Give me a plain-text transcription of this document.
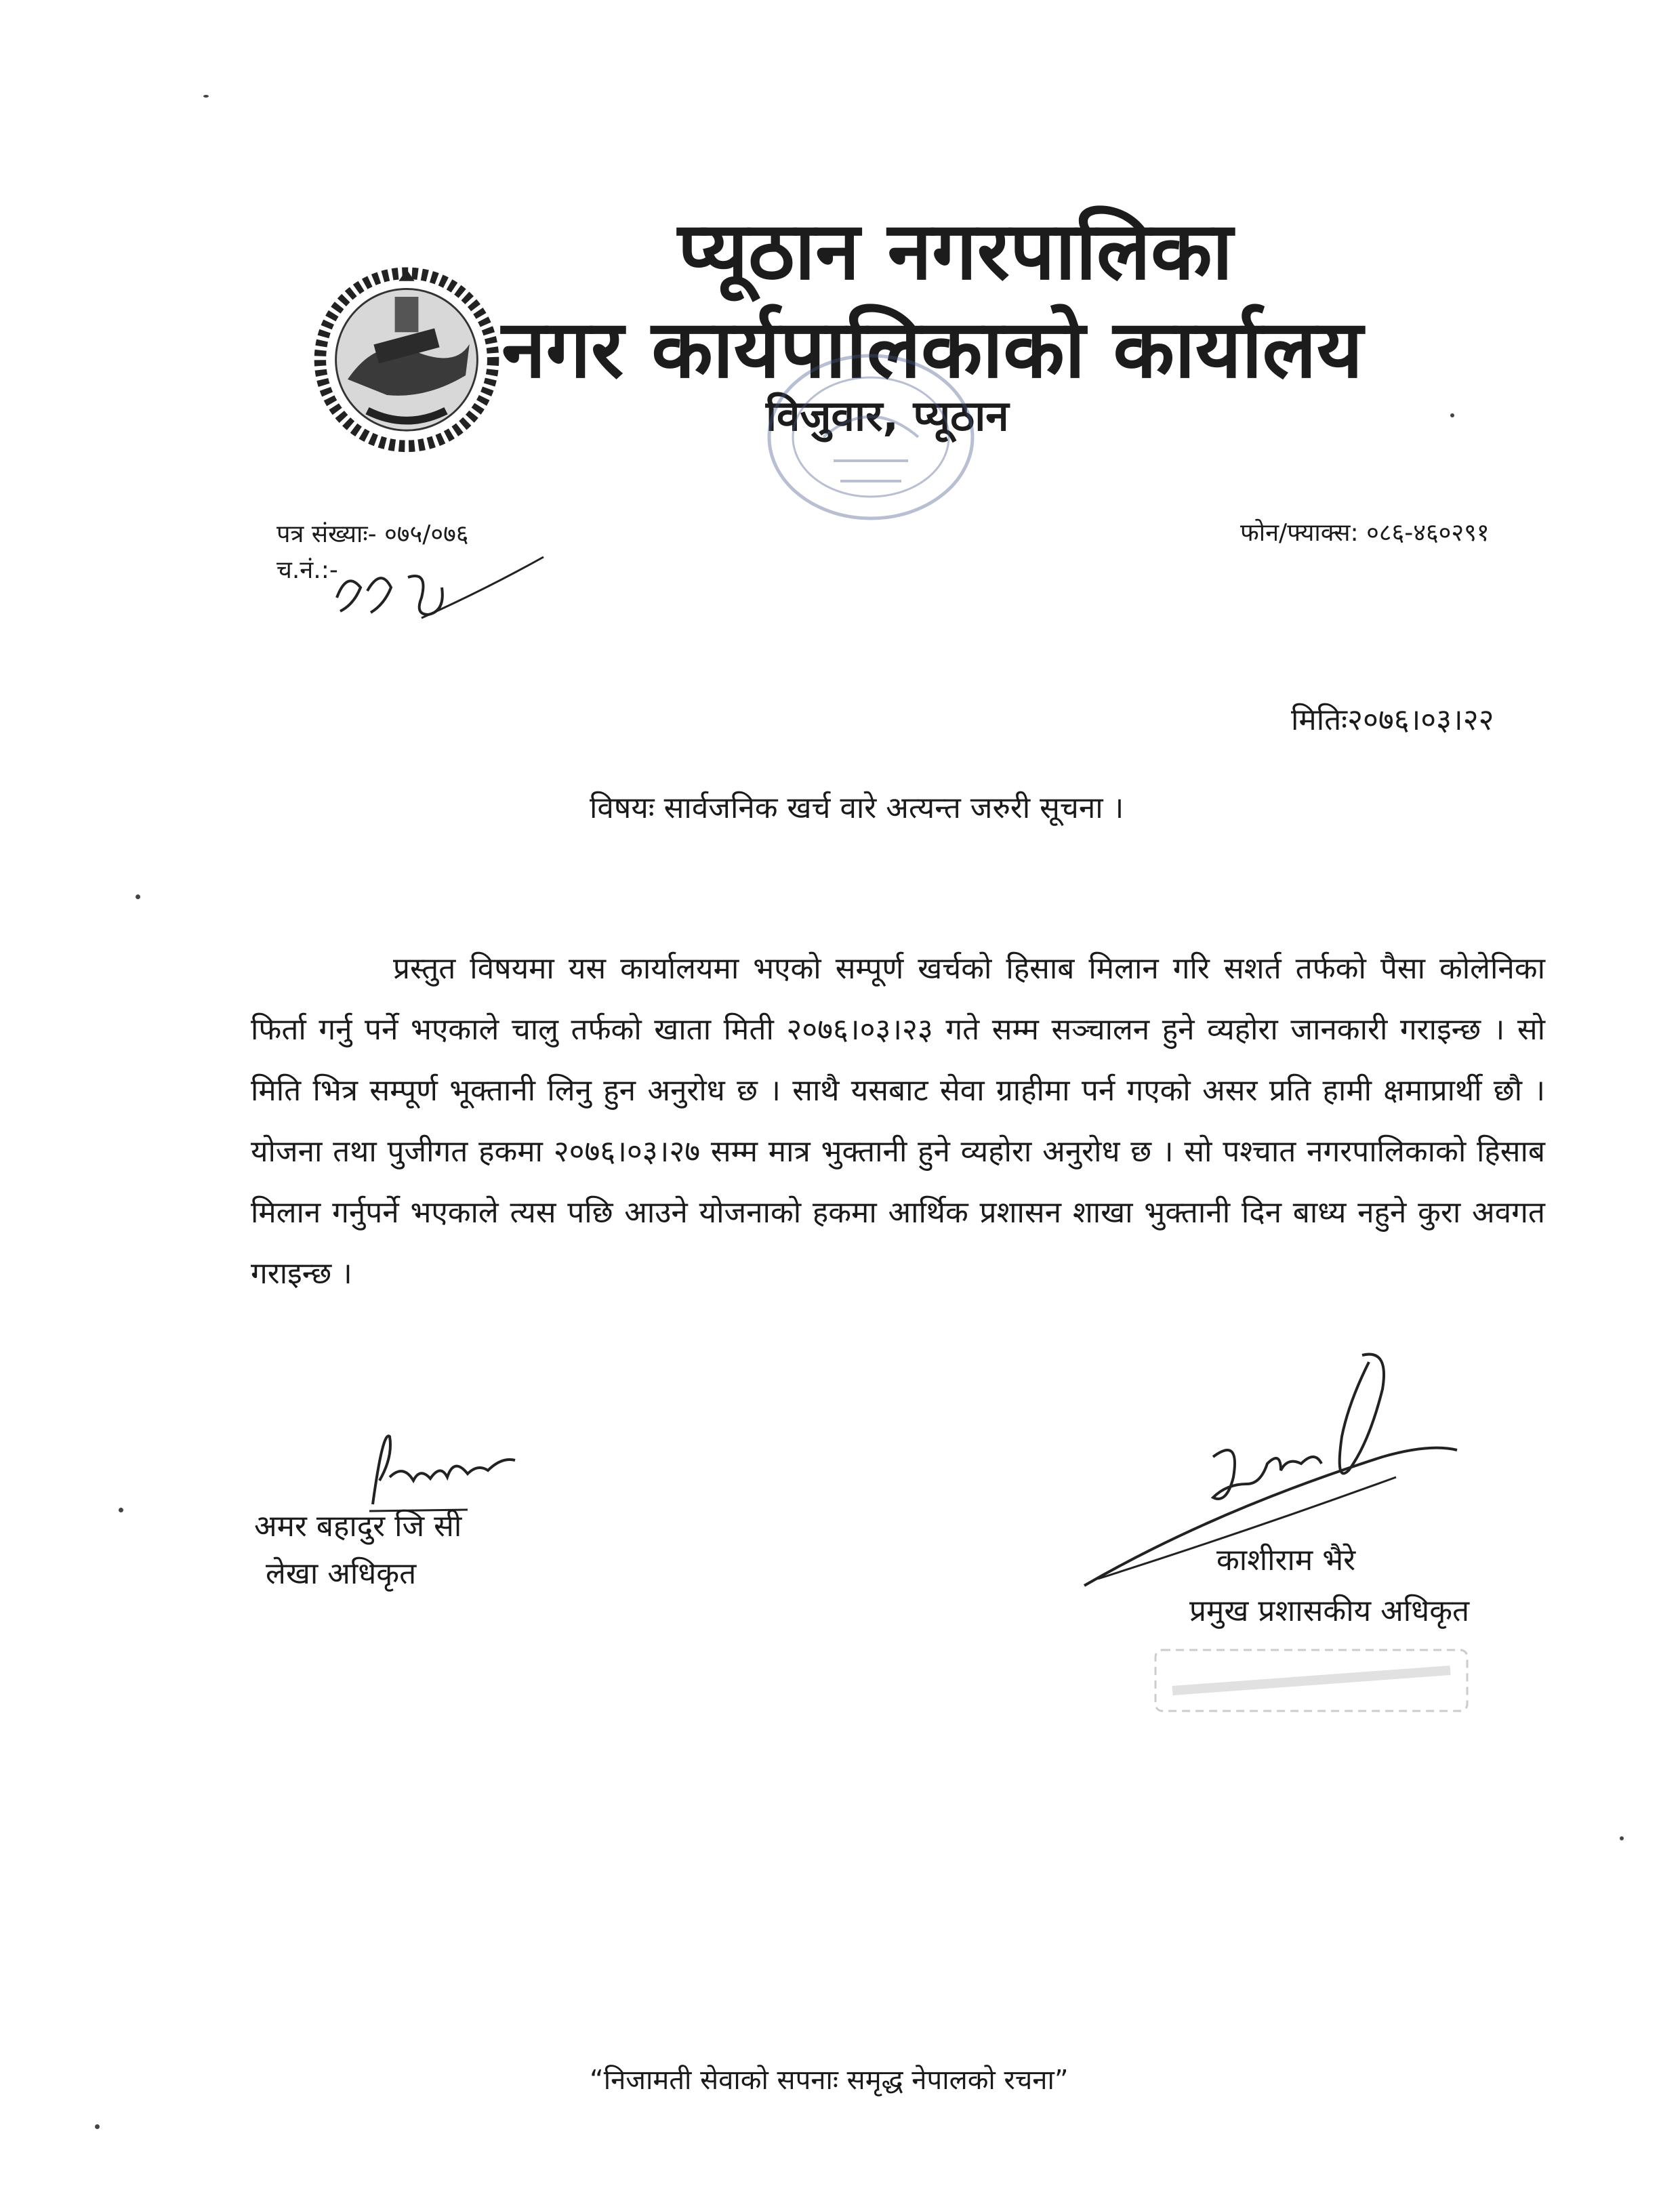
प्यूठान नगरपालिका
नगर कार्यपालिकाको कार्यालय
विजुवार, प्यूठान
पत्र संख्याः- ०७५/०७६
च.नं.:-
फोन/फ्याक्स: ०८६-४६०२९१
मितिः२०७६।०३।२२
विषयः सार्वजनिक खर्च वारे अत्यन्त जरुरी सूचना ।

प्रस्तुत विषयमा यस कार्यालयमा भएको सम्पूर्ण खर्चको हिसाब मिलान गरि सशर्त तर्फको पैसा कोलेनिका फिर्ता गर्नु पर्ने भएकाले चालु तर्फको खाता मिती २०७६।०३।२३ गते सम्म सञ्चालन हुने व्यहोरा जानकारी गराइन्छ । सो मिति भित्र सम्पूर्ण भूक्तानी लिनु हुन अनुरोध छ । साथै यसबाट सेवा ग्राहीमा पर्न गएको असर प्रति हामी क्षमाप्रार्थी छौ । योजना तथा पुजीगत हकमा २०७६।०३।२७ सम्म मात्र भुक्तानी हुने व्यहोरा अनुरोध छ । सो पश्चात नगरपालिकाको हिसाब मिलान गर्नुपर्ने भएकाले त्यस पछि आउने योजनाको हकमा आर्थिक प्रशासन शाखा भुक्तानी दिन बाध्य नहुने कुरा अवगत गराइन्छ ।

अमर बहादुर जि सी
लेखा अधिकृत	काशीराम भैरे
प्रमुख प्रशासकीय अधिकृत
“निजामती सेवाको सपनाः समृद्ध नेपालको रचना”
